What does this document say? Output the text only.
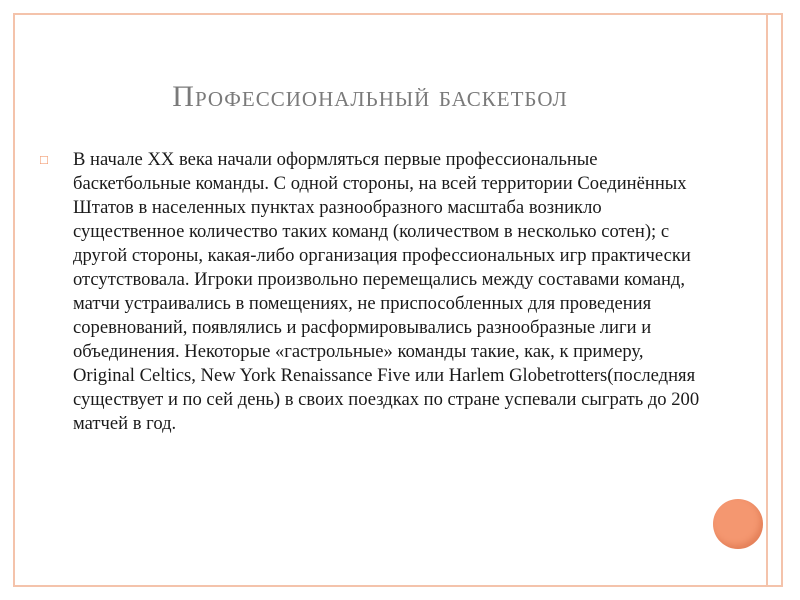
Профессиональный баскетбол
□ В начале XX века начали оформляться первые профессиональные баскетбольные команды. С одной стороны, на всей территории Соединённых Штатов в населенных пунктах разнообразного масштаба возникло существенное количество таких команд (количеством в несколько сотен); с другой стороны, какая-либо организация профессиональных игр практически отсутствовала. Игроки произвольно перемещались между составами команд, матчи устраивались в помещениях, не приспособленных для проведения соревнований, появлялись и расформировывались разнообразные лиги и объединения. Некоторые «гастрольные» команды такие, как, к примеру, Original Celtics, New York Renaissance Five или Harlem Globetrotters(последняя существует и по сей день) в своих поездках по стране успевали сыграть до 200 матчей в год.
